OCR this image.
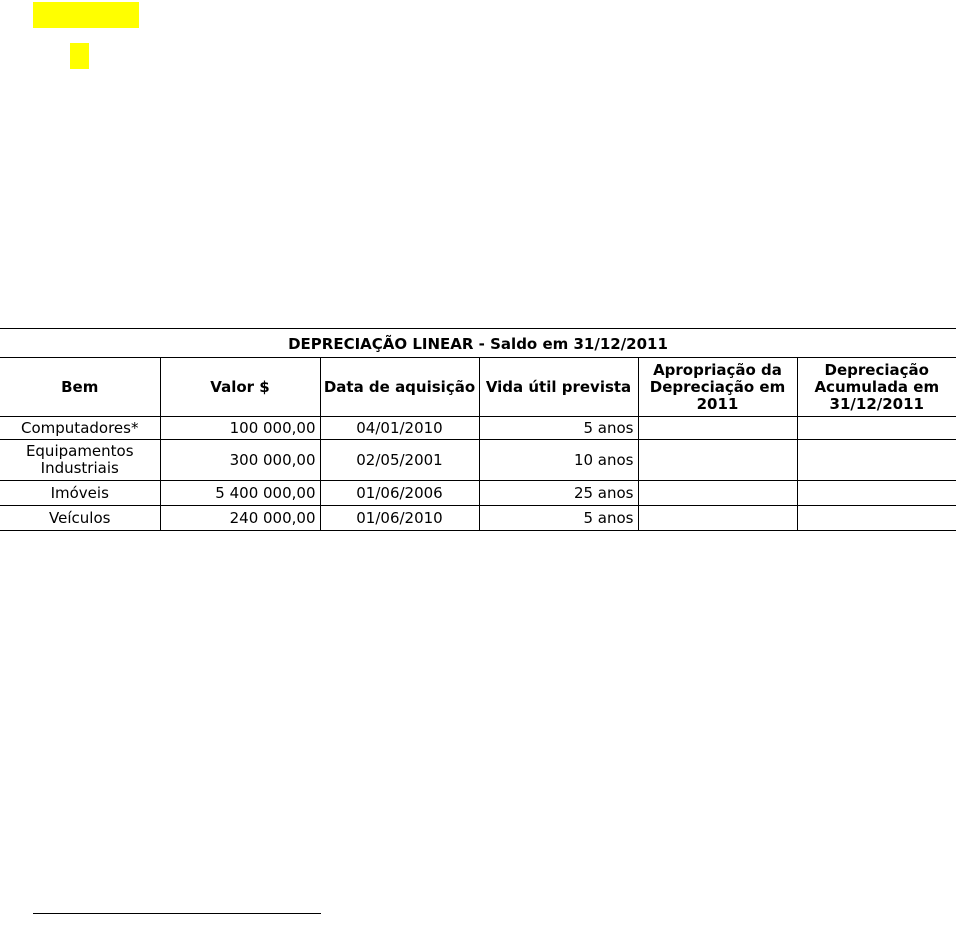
DEPRECIAÇÃO LINEAR - Saldo em 31/12/2011					
Bem	Valor $	Data de aquisição	Vida útil prevista	Apropriação da Depreciação em 2011	Depreciação Acumulada em 31/12/2011
Computadores*	100 000,00	04/01/2010	5 anos		
Equipamentos Industriais	300 000,00	02/05/2001	10 anos		
Imóveis	5 400 000,00	01/06/2006	25 anos		
Veículos	240 000,00	01/06/2010	5 anos		
